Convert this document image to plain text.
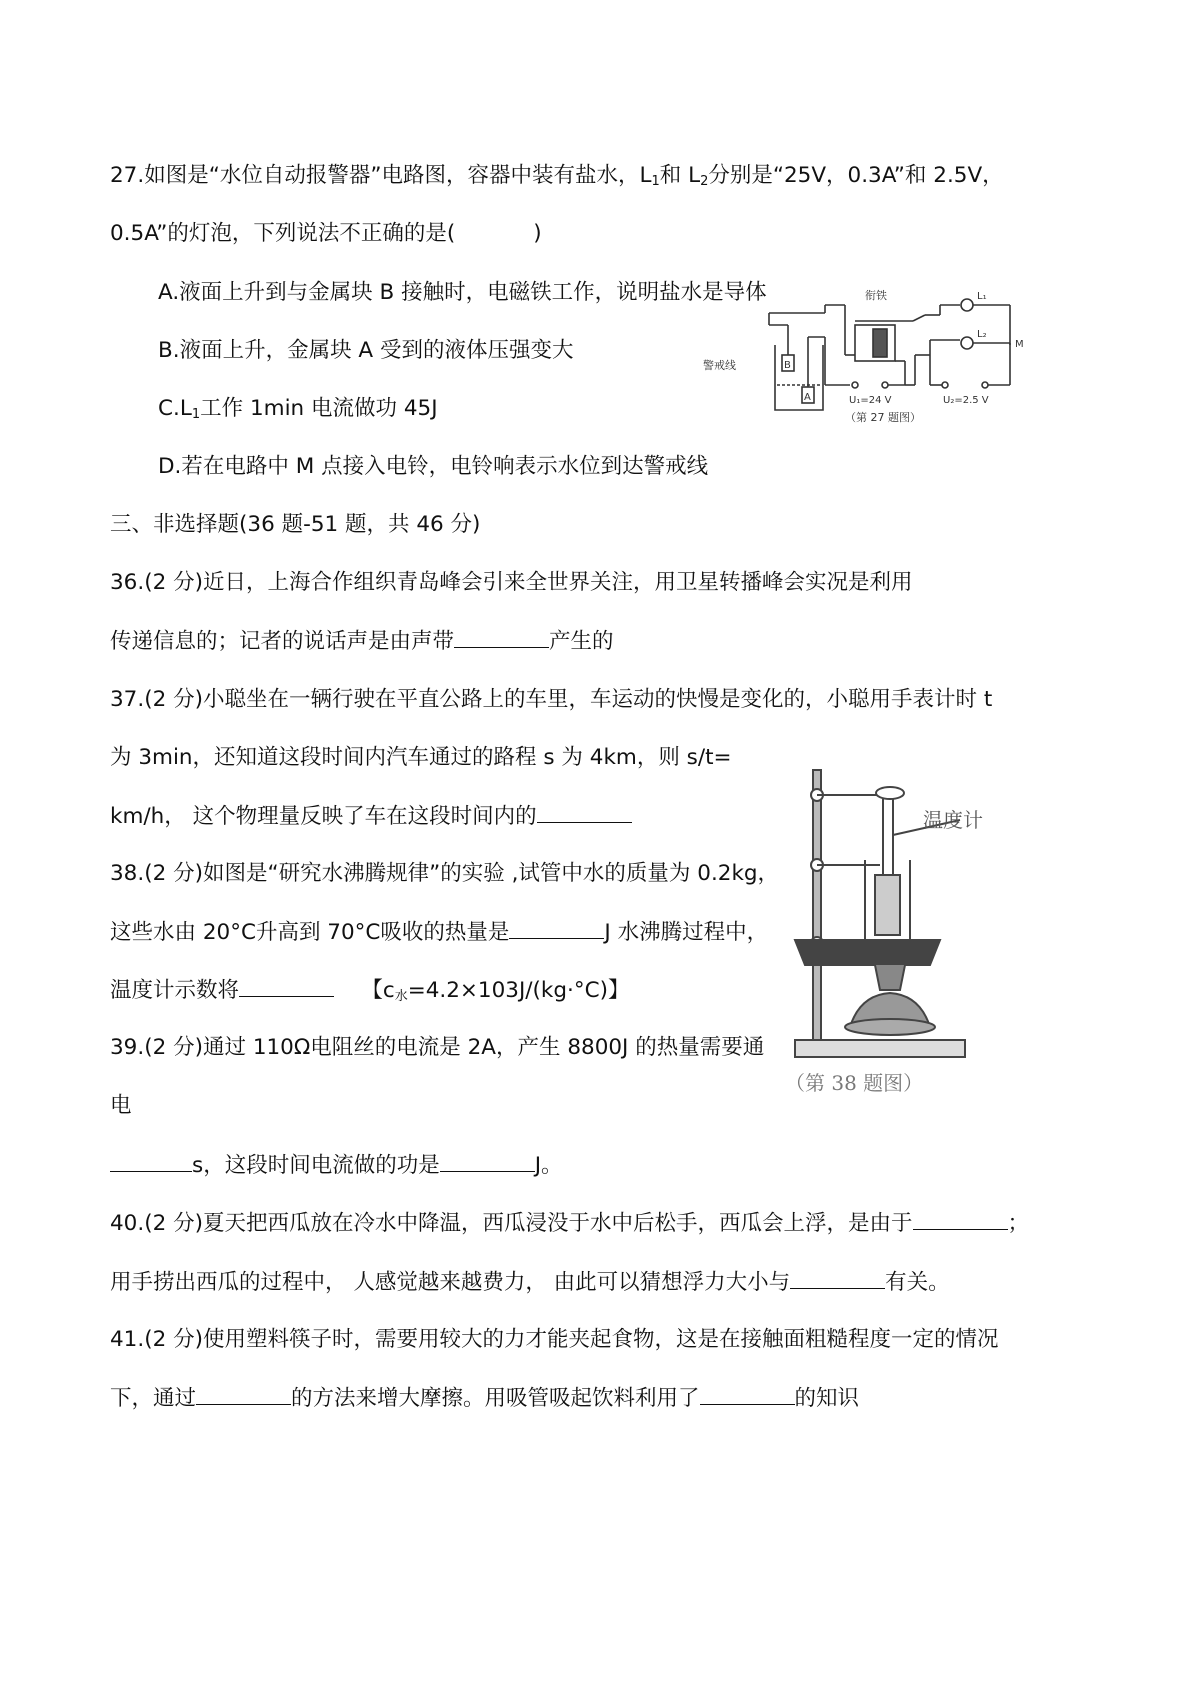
27.如图是“水位自动报警器”电路图，容器中装有盐水，$L_1$和 $L_2$分别是“25V，0.3A”和 2.5V，
0.5A”的灯泡，下列说法不正确的是(	)
A.液面上升到与金属块 B 接触时，电磁铁工作，说明盐水是导体
B.液面上升，金属块 A 受到的液体压强变大
$C.L_1$工作 1min 电流做功 45J
D.若在电路中 M 点接入电铃，电铃响表示水位到达警戒线
衔铁	L₁
L₂
M
警戒线	B
A	U₁=24 V	U₂=2.5 V
（第 27 题图）
三、非选择题(36 题-51 题，共 46 分)
36.(2 分)近日，上海合作组织青岛峰会引来全世界关注，用卫星转播峰会实况是利用
传递信息的；记者的说话声是由声带	产生的
37.(2 分)小聪坐在一辆行驶在平直公路上的车里，车运动的快慢是变化的，小聪用手表计时 t
为 3min，还知道这段时间内汽车通过的路程 s 为 4km，则 s/t=
km/h， 这个物理量反映了车在这段时间内的
38.(2 分)如图是“研究水沸腾规律”的实验 ,试管中水的质量为 0.2kg，
这些水由 20°C升高到 70°C吸收的热量是	J 水沸腾过程中，
温度计示数将	【$c_水=4.2\times 103J/(kg\cdot^\circ C)$】
温度计
（第 38 题图）
39.(2 分)通过 110Ω电阻丝的电流是 2A，产生 8800J 的热量需要通
电
s，这段时间电流做的功是	J。
40.(2 分)夏天把西瓜放在冷水中降温，西瓜浸没于水中后松手，西瓜会上浮，是由于	；
用手捞出西瓜的过程中， 人感觉越来越费力， 由此可以猜想浮力大小与	有关。
41.(2 分)使用塑料筷子时，需要用较大的力才能夹起食物，这是在接触面粗糙程度一定的情况
下，通过	的方法来增大摩擦。用吸管吸起饮料利用了	的知识
